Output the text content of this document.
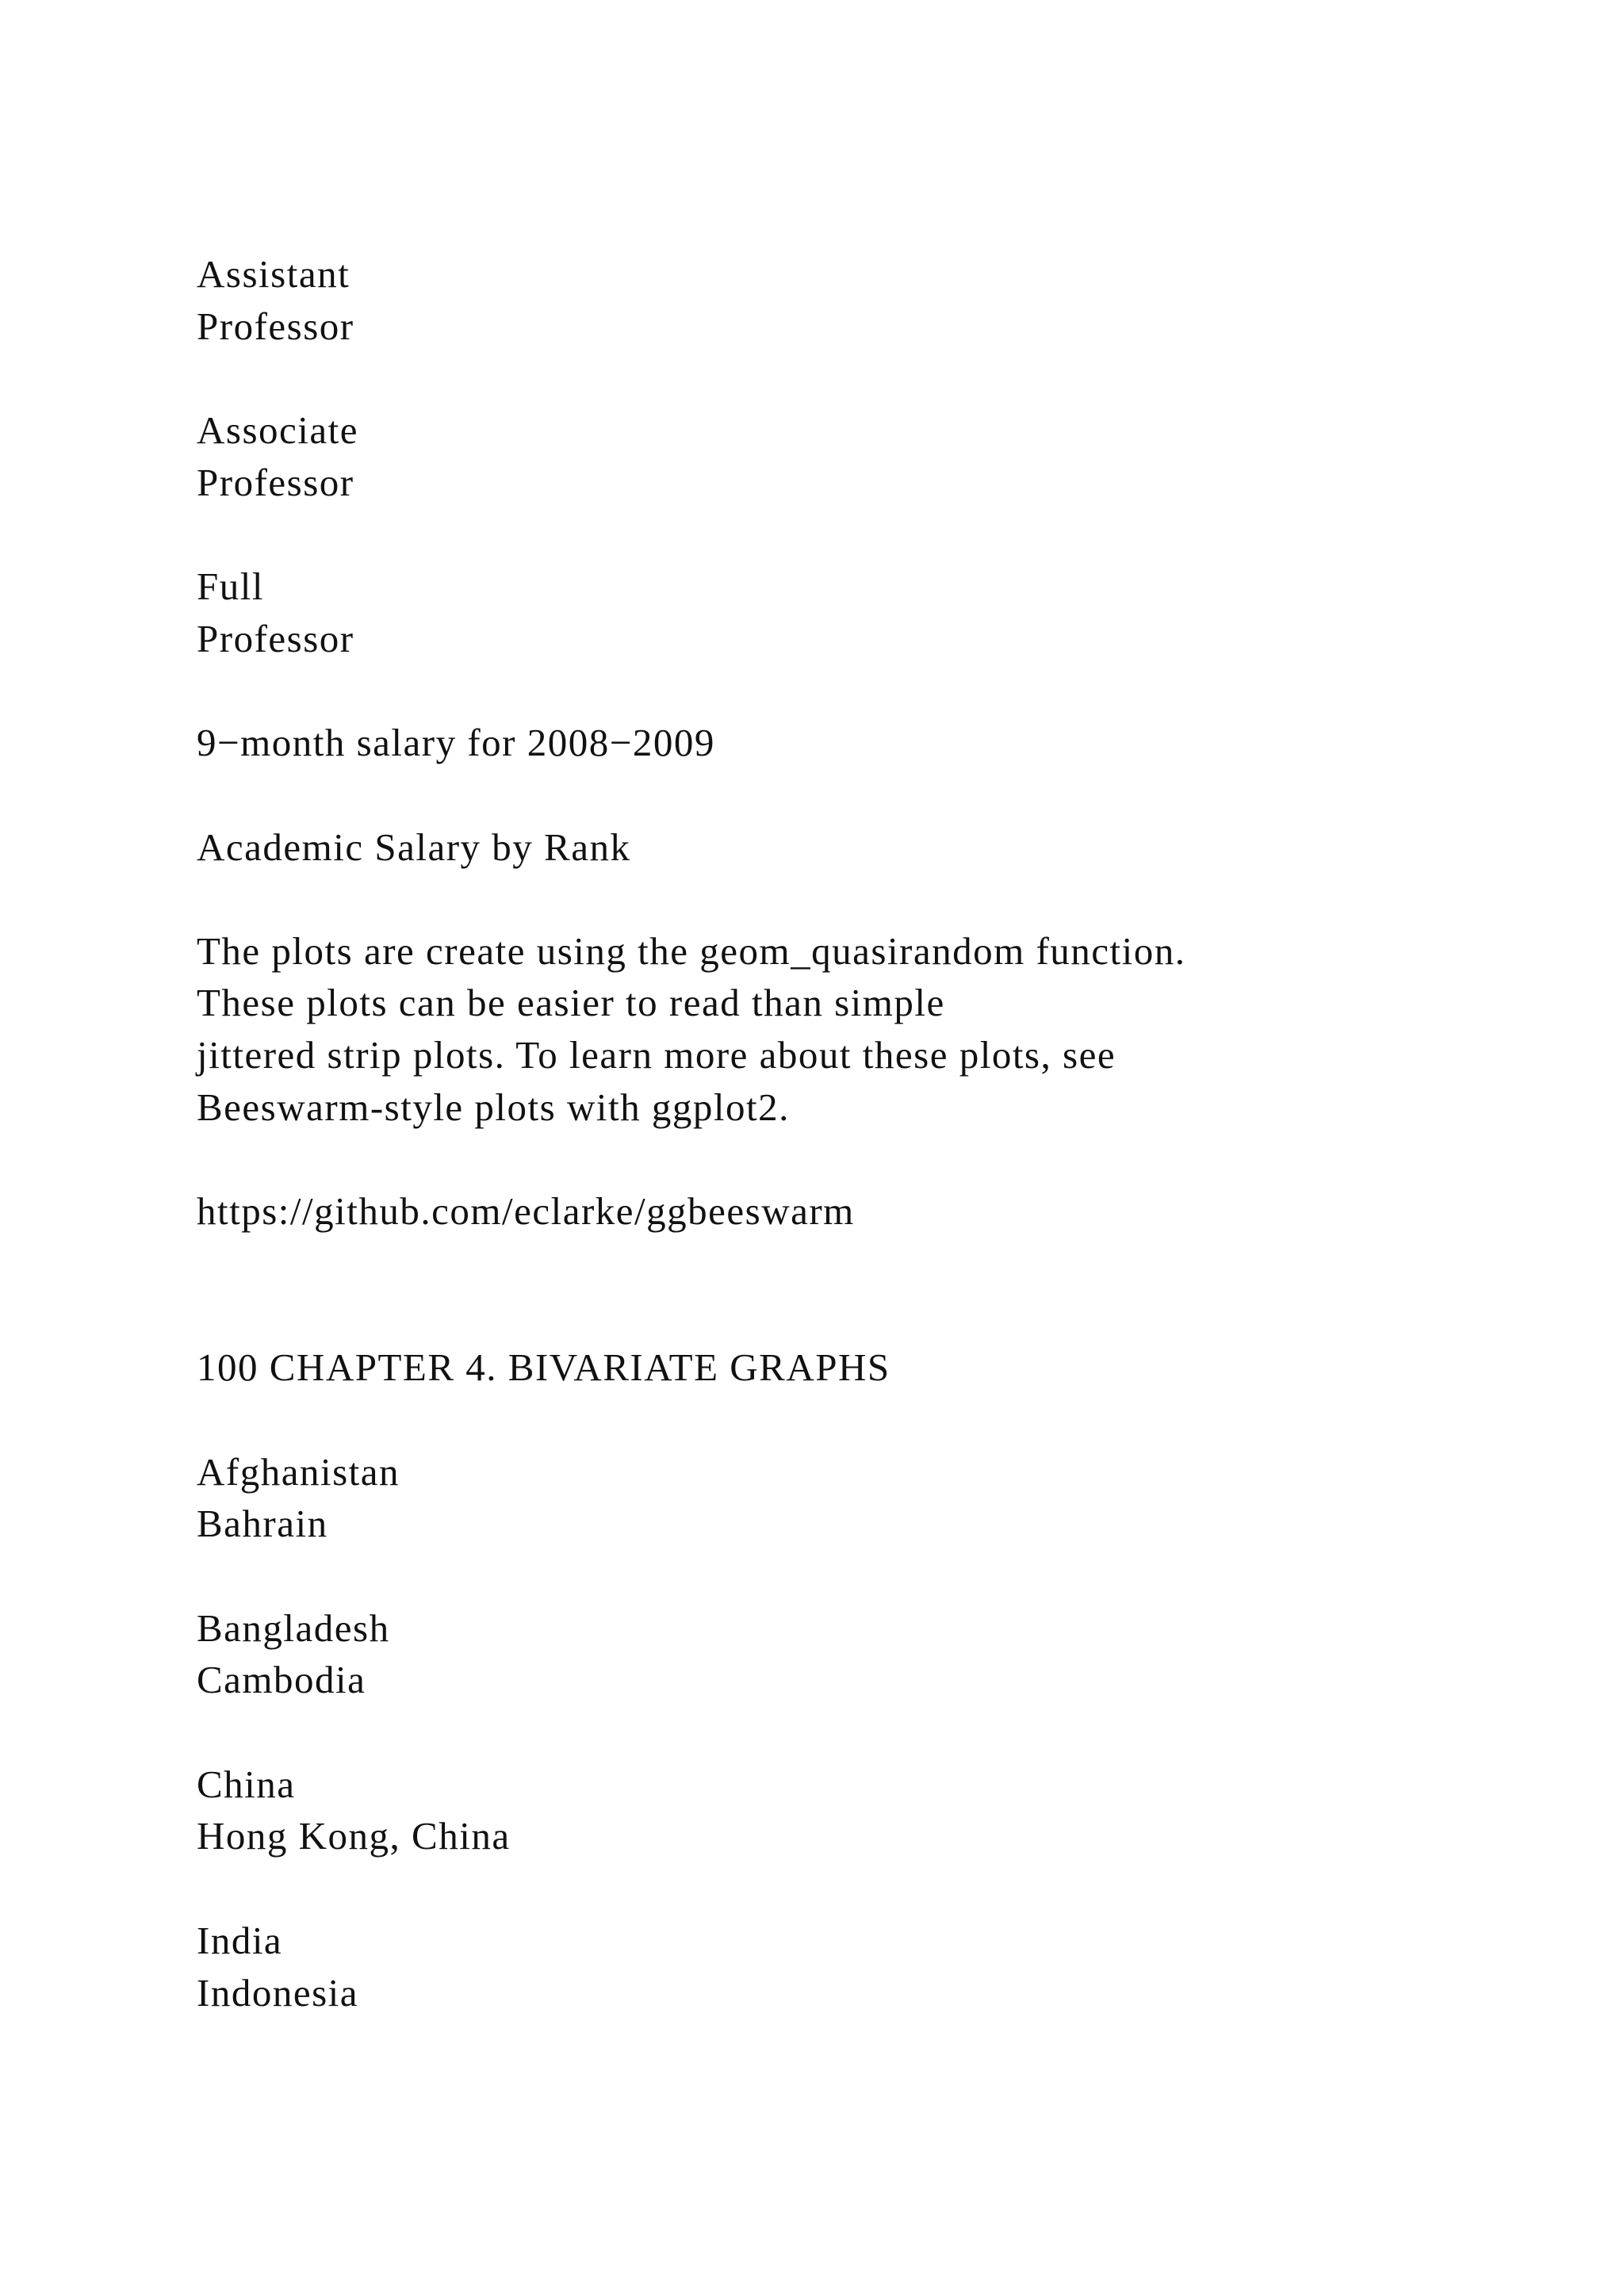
Assistant
Professor
Associate
Professor
Full
Professor
9−month salary for 2008−2009
Academic Salary by Rank
The plots are create using the geom_quasirandom function.
These plots can be easier to read than simple
jittered strip plots. To learn more about these plots, see
Beeswarm-style plots with ggplot2.
https://github.com/eclarke/ggbeeswarm
100 CHAPTER 4. BIVARIATE GRAPHS
Afghanistan
Bahrain
Bangladesh
Cambodia
China
Hong Kong, China
India
Indonesia
